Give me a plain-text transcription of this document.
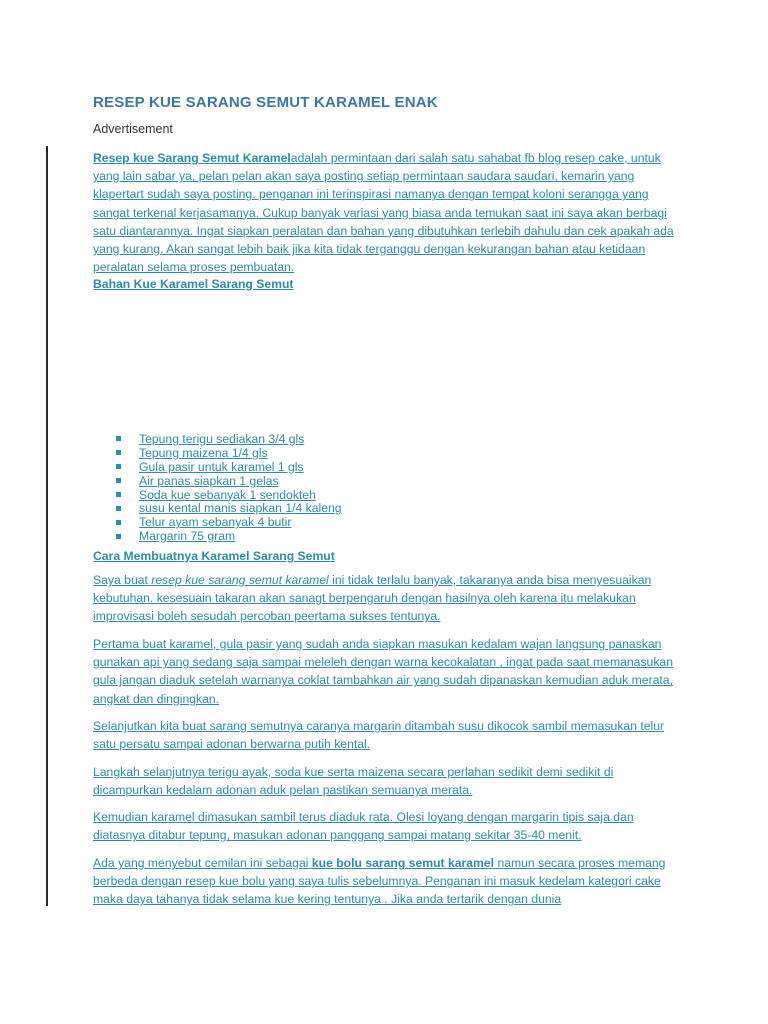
RESEP KUE SARANG SEMUT KARAMEL ENAK
Advertisement

Resep kue Sarang Semut Karameladalah permintaan dari salah satu sahabat fb blog resep cake, untuk yang lain sabar ya, pelan pelan akan saya posting setiap permintaan saudara saudari, kemarin yang klapertart sudah saya posting. penganan ini terinspirasi namanya dengan tempat koloni serangga yang sangat terkenal kerjasamanya. Cukup banyak variasi yang biasa anda temukan saat ini saya akan berbagi satu diantarannya. Ingat siapkan peralatan dan bahan yang dibutuhkan terlebih dahulu dan cek apakah ada yang kurang. Akan sangat lebih baik jika kita tidak terganggu dengan kekurangan bahan atau ketidaan peralatan selama proses pembuatan.

Bahan Kue Karamel Sarang Semut
Tepung terigu sediakan 3/4 gls
Tepung maizena 1/4 gls
Gula pasir untuk karamel 1 gls
Air panas siapkan 1 gelas
Soda kue sebanyak 1 sendokteh
susu kental manis siapkan 1/4 kaleng
Telur ayam sebanyak 4 butir
Margarin 75 gram
Cara Membuatnya Karamel Sarang Semut

Saya buat resep kue sarang semut karamel ini tidak terlalu banyak, takaranya anda bisa menyesuaikan kebutuhan. kesesuain takaran akan sanagt berpengaruh dengan hasilnya oleh karena itu melakukan improvisasi boleh sesudah percoban peertama sukses tentunya.

Pertama buat karamel, gula pasir yang sudah anda siapkan masukan kedalam wajan langsung panaskan gunakan api yang sedang saja sampai meleleh dengan warna kecokalatan , ingat pada saat memanasukan gula jangan diaduk setelah warnanya coklat tambahkan air yang sudah dipanaskan kemudian aduk merata, angkat dan dingingkan.

Selanjutkan kita buat sarang semutnya caranya margarin ditambah susu dikocok sambil memasukan telur satu persatu sampai adonan berwarna putih kental.

Langkah selanjutnya terigu ayak, soda kue serta maizena secara perlahan sedikit demi sedikit di dicampurkan kedalam adonan aduk pelan pastikan semuanya merata.

Kemudian karamel dimasukan sambil terus diaduk rata. Olesi loyang dengan margarin tipis saja dan diatasnya ditabur tepung, masukan adonan panggang sampai matang sekitar 35-40 menit.

Ada yang menyebut cemilan ini sebagai kue bolu sarang semut karamel namun secara proses memang berbeda dengan resep kue bolu yang saya tulis sebelumnya. Penganan ini masuk kedelam kategori cake maka daya tahanya tidak selama kue kering tentunya . Jika anda tertarik dengan dunia
